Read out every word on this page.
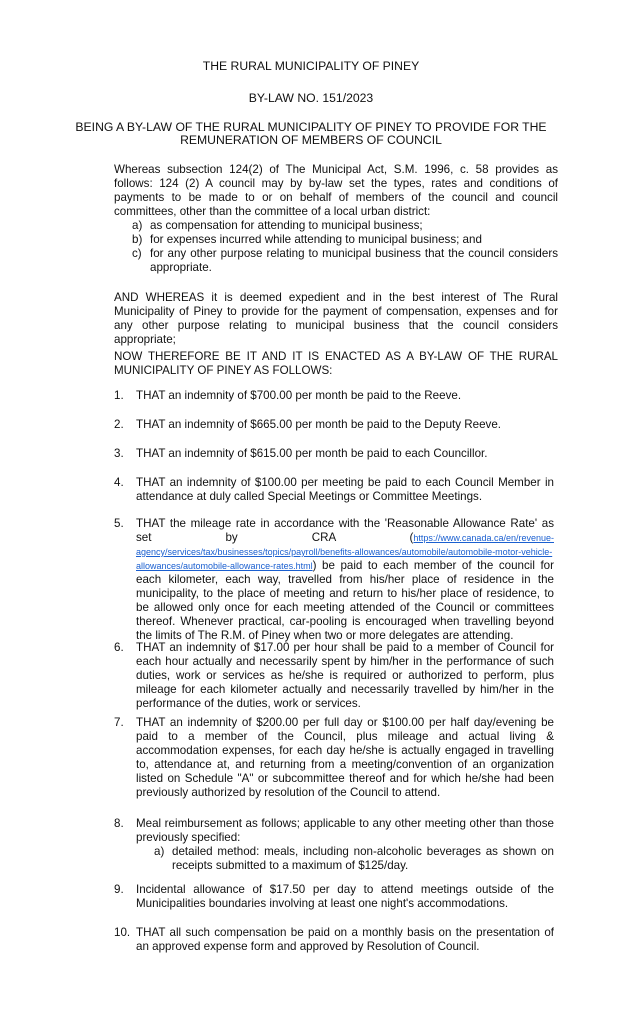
THE RURAL MUNICIPALITY OF PINEY

BY-LAW NO. 151/2023

BEING A BY-LAW OF THE RURAL MUNICIPALITY OF PINEY TO PROVIDE FOR THE

REMUNERATION OF MEMBERS OF COUNCIL

Whereas subsection 124(2) of The Municipal Act, S.M. 1996, c. 58 provides as follows: 124 (2) A council may by by-law set the types, rates and conditions of payments to be made to or on behalf of members of the council and council committees, other than the committee of a local urban district:
a) as compensation for attending to municipal business;
b) for expenses incurred while attending to municipal business; and
c) for any other purpose relating to municipal business that the council considers appropriate.
AND WHEREAS it is deemed expedient and in the best interest of The Rural Municipality of Piney to provide for the payment of compensation, expenses and for any other purpose relating to municipal business that the council considers appropriate;
NOW THEREFORE BE IT AND IT IS ENACTED AS A BY-LAW OF THE RURAL MUNICIPALITY OF PINEY AS FOLLOWS:
1.	THAT an indemnity of $700.00 per month be paid to the Reeve.
2.	THAT an indemnity of $665.00 per month be paid to the Deputy Reeve.
3.	THAT an indemnity of $615.00 per month be paid to each Councillor.
4.	THAT an indemnity of $100.00 per meeting be paid to each Council Member in attendance at duly called Special Meetings or Committee Meetings.
5.	THAT the mileage rate in accordance with the 'Reasonable Allowance Rate' as set by CRA (https://www.canada.ca/en/revenue-agency/services/tax/businesses/topics/payroll/benefits-allowances/automobile/automobile-motor-vehicle-allowances/automobile-allowance-rates.html) be paid to each member of the council for each kilometer, each way, travelled from his/her place of residence in the municipality, to the place of meeting and return to his/her place of residence, to be allowed only once for each meeting attended of the Council or committees thereof. Whenever practical, car-pooling is encouraged when travelling beyond the limits of The R.M. of Piney when two or more delegates are attending.
6.	THAT an indemnity of $17.00 per hour shall be paid to a member of Council for each hour actually and necessarily spent by him/her in the performance of such duties, work or services as he/she is required or authorized to perform, plus mileage for each kilometer actually and necessarily travelled by him/her in the performance of the duties, work or services.
7.	THAT an indemnity of $200.00 per full day or $100.00 per half day/evening be paid to a member of the Council, plus mileage and actual living & accommodation expenses, for each day he/she is actually engaged in travelling to, attendance at, and returning from a meeting/convention of an organization listed on Schedule "A" or subcommittee thereof and for which he/she had been previously authorized by resolution of the Council to attend.
8.	Meal reimbursement as follows; applicable to any other meeting other than those previously specified:
a) detailed method: meals, including non-alcoholic beverages as shown on receipts submitted to a maximum of $125/day.
9.	Incidental allowance of $17.50 per day to attend meetings outside of the Municipalities boundaries involving at least one night's accommodations.
10. THAT all such compensation be paid on a monthly basis on the presentation of an approved expense form and approved by Resolution of Council.
